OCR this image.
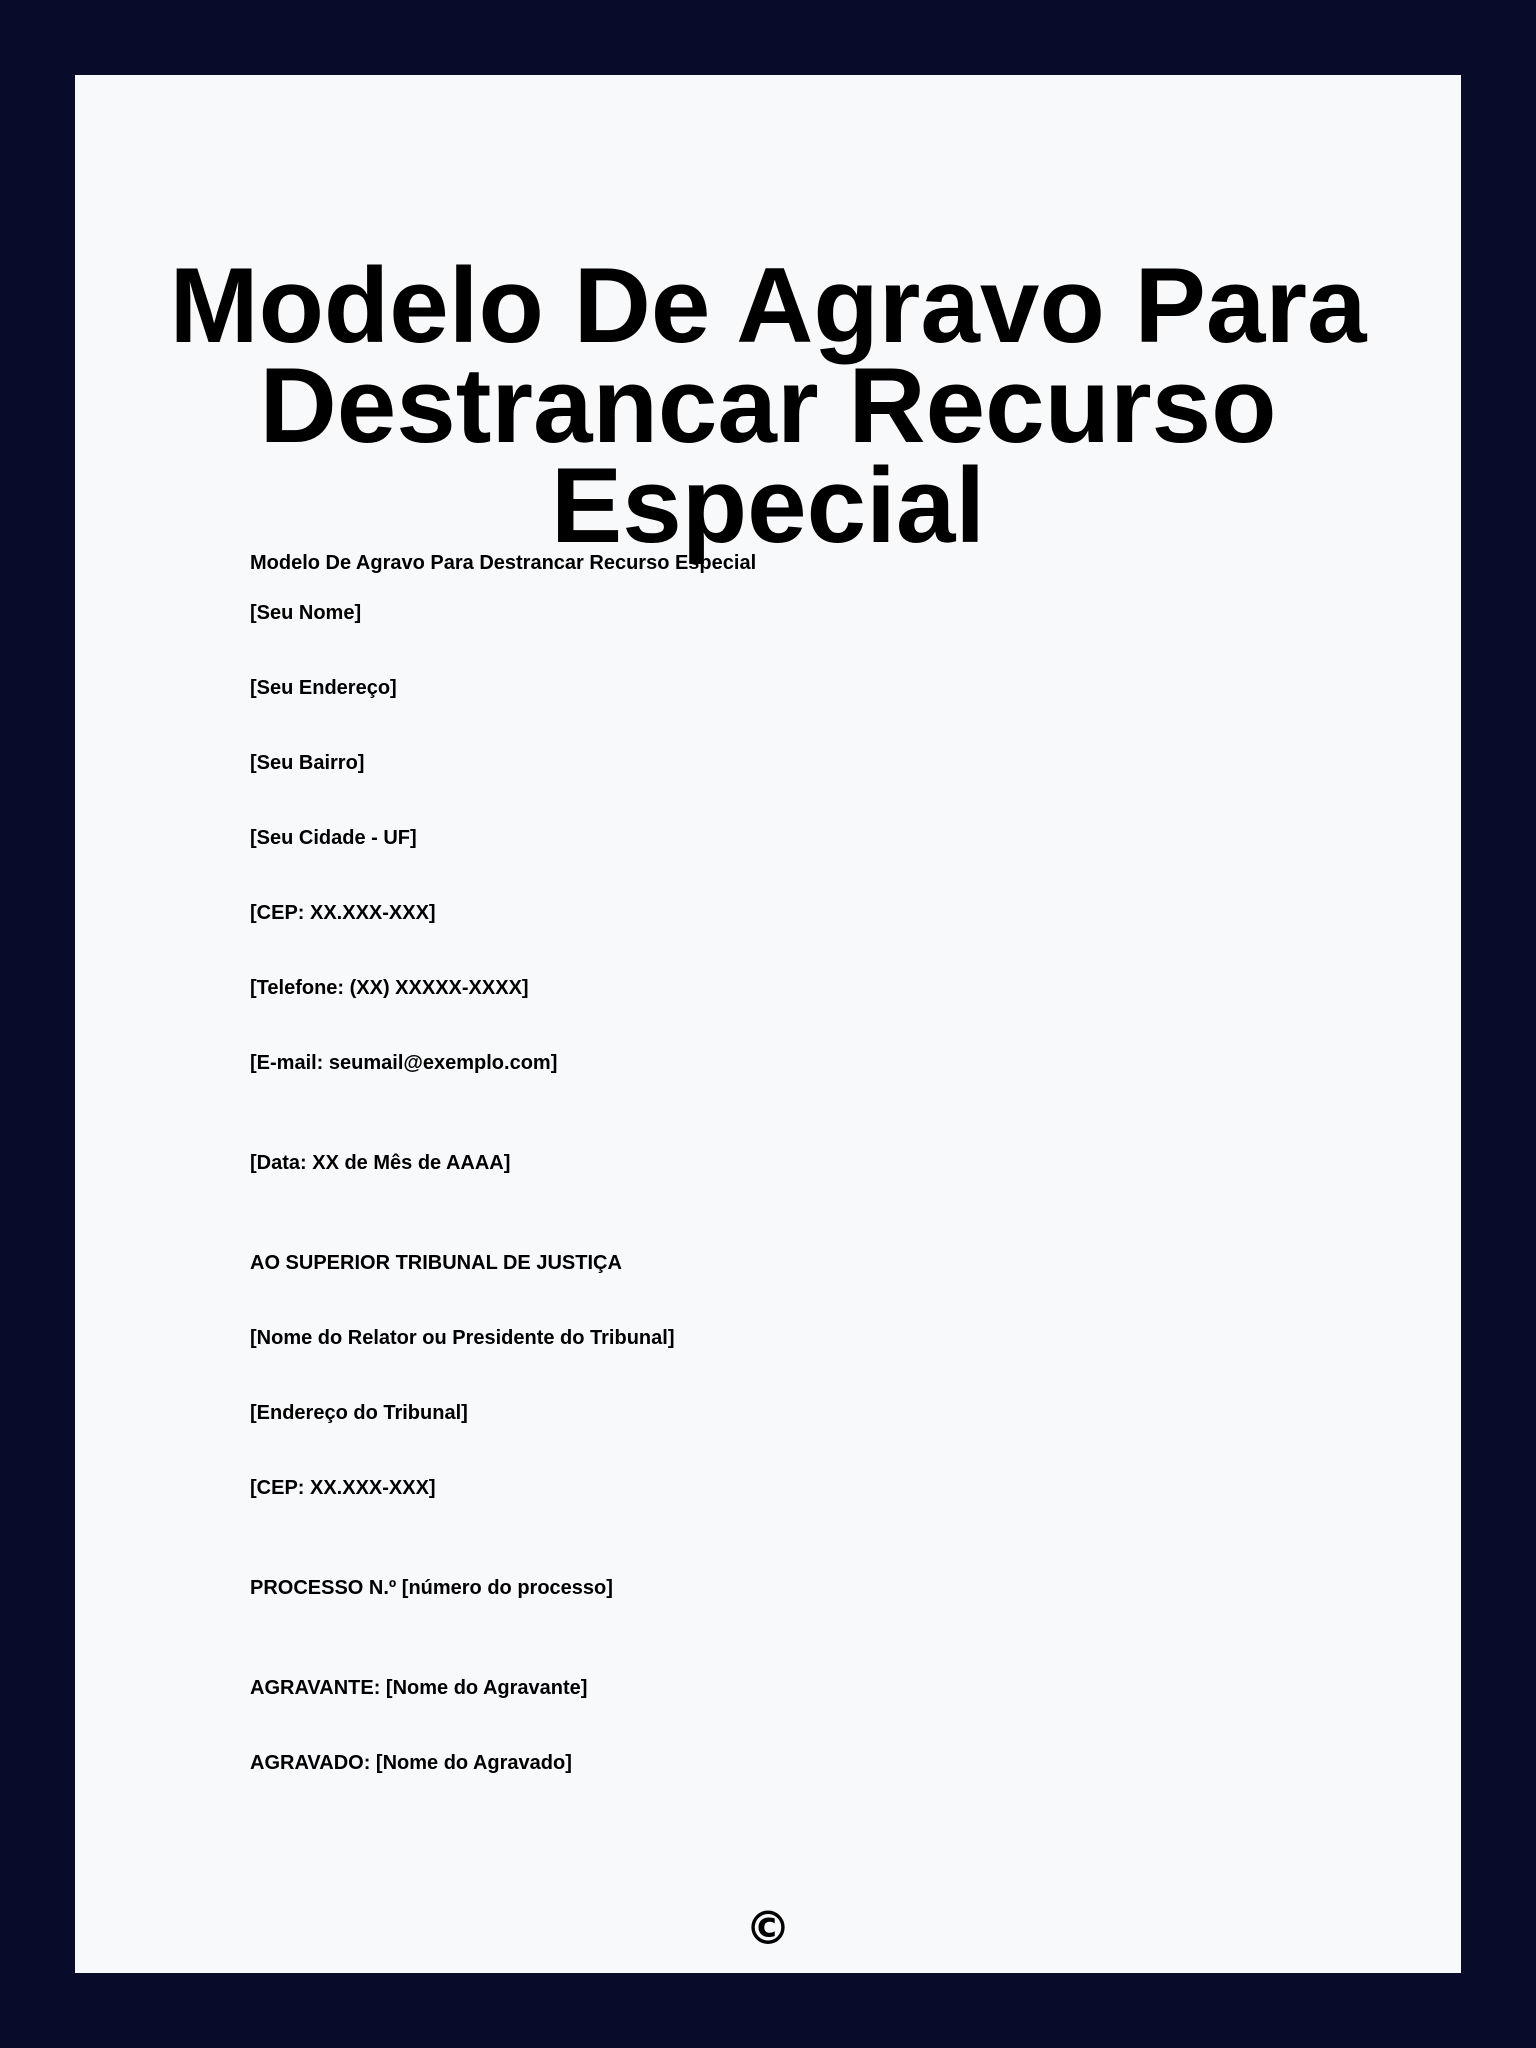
Modelo De Agravo Para Destrancar Recurso Especial
Modelo De Agravo Para Destrancar Recurso Especial
[Seu Nome]
[Seu Endereço]
[Seu Bairro]
[Seu Cidade - UF]
[CEP: XX.XXX-XXX]
[Telefone: (XX) XXXXX-XXXX]
[E-mail: seumail@exemplo.com]
[Data: XX de Mês de AAAA]
AO SUPERIOR TRIBUNAL DE JUSTIÇA
[Nome do Relator ou Presidente do Tribunal]
[Endereço do Tribunal]
[CEP: XX.XXX-XXX]
PROCESSO N.º [número do processo]
AGRAVANTE: [Nome do Agravante]
AGRAVADO: [Nome do Agravado]
©
